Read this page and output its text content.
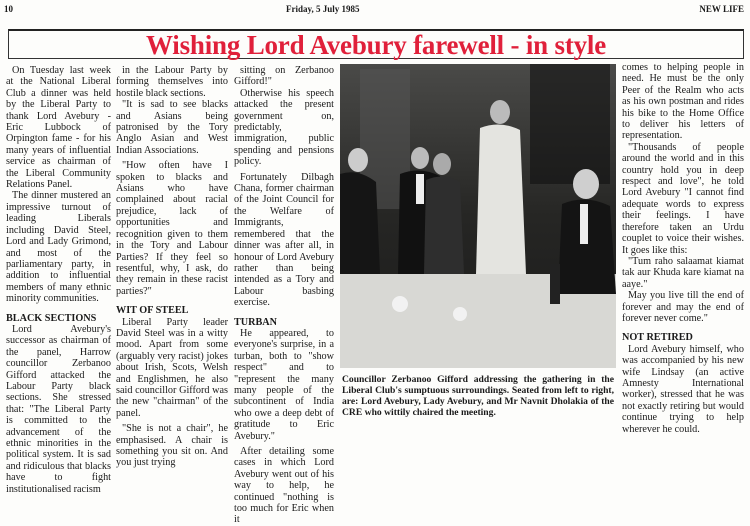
10	Friday, 5 July 1985	NEW LIFE
Wishing Lord Avebury farewell - in style

On Tuesday last week at the National Liberal Club a dinner was held by the Liberal Party to thank Lord Avebury - Eric Lubbock of Orpington fame - for his many years of influential service as chairman of the Liberal Community Relations Panel.

The dinner mustered an impressive turnout of leading Liberals including David Steel, Lord and Lady Grimond, and most of the parliamentary party, in addition to influential members of many ethnic minority communities.

BLACK SECTIONS

Lord Avebury's successor as chairman of the panel, Harrow councillor Zerbanoo Gifford attacked the Labour Party black sections. She stressed that: "The Liberal Party is committed to the advancement of the ethnic minorities in the political system. It is sad and ridiculous that blacks have to fight institutionalised racism

in the Labour Party by forming themselves into hostile black sections.

"It is sad to see blacks and Asians being patronised by the Tory Anglo Asian and West Indian Associations.

"How often have I spoken to blacks and Asians who have complained about racial prejudice, lack of opportunities and recognition given to them in the Tory and Labour Parties? If they feel so resentful, why, I ask, do they remain in these racist parties?"

WIT OF STEEL

Liberal Party leader David Steel was in a witty mood. Apart from some (arguably very racist) jokes about Irish, Scots, Welsh and Englishmen, he also said councillor Gifford was the new "chairman" of the panel.

"She is not a chair", he emphasised. A chair is something you sit on. And you just trying

sitting on Zerbanoo Gifford!"

Otherwise his speech attacked the present government on, predictably, immigration, public spending and pensions policy.

Fortunately Dilbagh Chana, former chairman of the Joint Council for the Welfare of Immigrants, remembered that the dinner was after all, in honour of Lord Avebury rather than being intended as a Tory and Labour basbing exercise.

TURBAN

He appeared, to everyone's surprise, in a turban, both to "show respect" and to "represent the many many people of the subcontinent of India who owe a deep debt of gratitude to Eric Avebury."

After detailing some cases in which Lord Avebury went out of his way to help, he continued "nothing is too much for Eric when it

Councillor Zerbanoo Gifford addressing the gathering in the Liberal Club's sumptuous surroundings. Seated from left to right, are: Lord Avebury, Lady Avebury, and Mr Navnit Dholakia of the CRE who wittily chaired the meeting.

comes to helping people in need. He must be the only Peer of the Realm who acts as his own postman and rides his bike to the Home Office to deliver his letters of representation.

"Thousands of people around the world and in this country hold you in deep respect and love", he told Lord Avebury "I cannot find adequate words to express their feelings. I have therefore taken an Urdu couplet to voice their wishes. It goes like this:

"Tum raho salaamat kiamat tak aur Khuda kare kiamat na aaye."

May you live till the end of forever and may the end of forever never come."

NOT RETIRED

Lord Avebury himself, who was accompanied by his new wife Lindsay (an active Amnesty International worker), stressed that he was not exactly retiring but would continue trying to help wherever he could.
